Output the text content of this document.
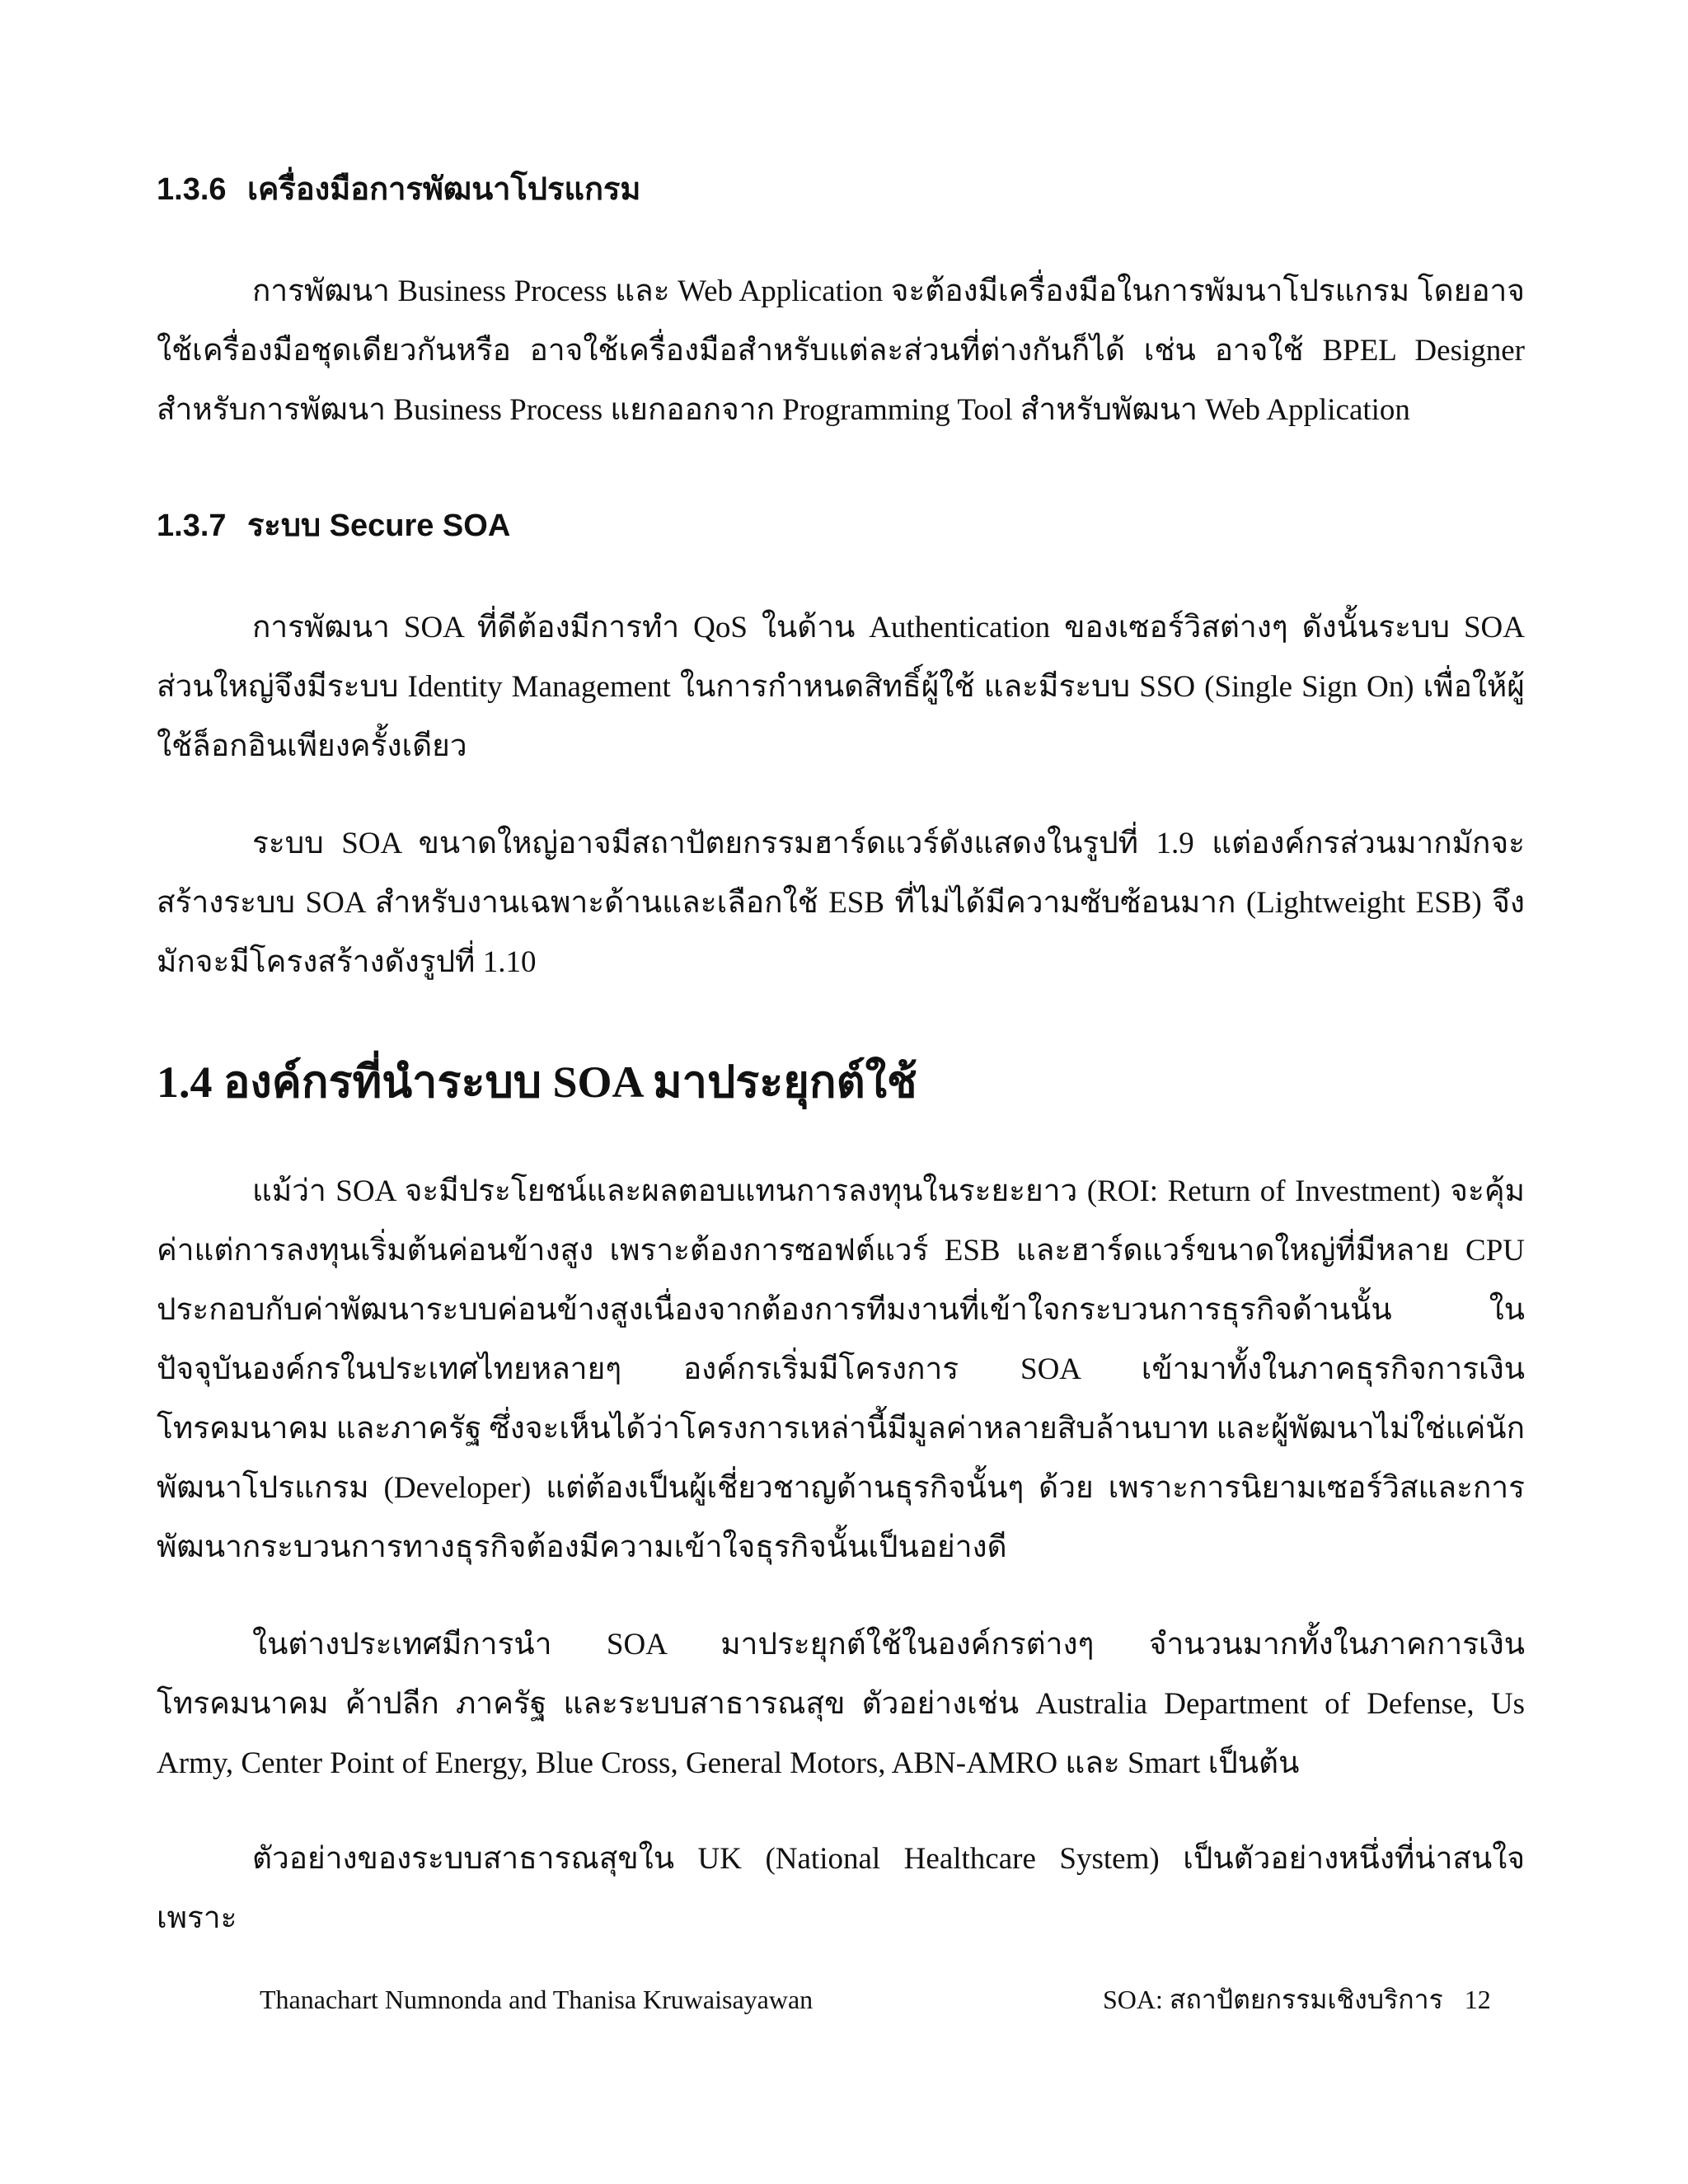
1.3.6 เครื่องมือการพัฒนาโปรแกรม

การพัฒนา Business Process และ Web Application จะต้องมีเครื่องมือในการพัมนาโปรแกรม โดยอาจใช้เครื่องมือชุดเดียวกันหรือ อาจใช้เครื่องมือสำหรับแต่ละส่วนที่ต่างกันก็ได้ เช่น อาจใช้ BPEL Designer สำหรับการพัฒนา Business Process แยกออกจาก Programming Tool สำหรับพัฒนา Web Application

1.3.7 ระบบ Secure SOA

การพัฒนา SOA ที่ดีต้องมีการทำ QoS ในด้าน Authentication ของเซอร์วิสต่างๆ ดังนั้นระบบ SOA ส่วนใหญ่จึงมีระบบ Identity Management ในการกำหนดสิทธิ์ผู้ใช้ และมีระบบ SSO (Single Sign On) เพื่อให้ผู้ใช้ล็อกอินเพียงครั้งเดียว

ระบบ SOA ขนาดใหญ่อาจมีสถาปัตยกรรมฮาร์ดแวร์ดังแสดงในรูปที่ 1.9 แต่องค์กรส่วนมากมักจะสร้างระบบ SOA สำหรับงานเฉพาะด้านและเลือกใช้ ESB ที่ไม่ได้มีความซับซ้อนมาก (Lightweight ESB) จึงมักจะมีโครงสร้างดังรูปที่ 1.10

1.4 องค์กรที่นำระบบ SOA มาประยุกต์ใช้

แม้ว่า SOA จะมีประโยชน์และผลตอบแทนการลงทุนในระยะยาว (ROI: Return of Investment) จะคุ้มค่าแต่การลงทุนเริ่มต้นค่อนข้างสูง เพราะต้องการซอฟต์แวร์ ESB และฮาร์ดแวร์ขนาดใหญ่ที่มีหลาย CPU ประกอบกับค่าพัฒนาระบบค่อนข้างสูงเนื่องจากต้องการทีมงานที่เข้าใจกระบวนการธุรกิจด้านนั้น ในปัจจุบันองค์กรในประเทศไทยหลายๆ องค์กรเริ่มมีโครงการ SOA เข้ามาทั้งในภาคธุรกิจการเงิน โทรคมนาคม และภาครัฐ ซึ่งจะเห็นได้ว่าโครงการเหล่านี้มีมูลค่าหลายสิบล้านบาท และผู้พัฒนาไม่ใช่แค่นักพัฒนาโปรแกรม (Developer) แต่ต้องเป็นผู้เชี่ยวชาญด้านธุรกิจนั้นๆ ด้วย เพราะการนิยามเซอร์วิสและการพัฒนากระบวนการทางธุรกิจต้องมีความเข้าใจธุรกิจนั้นเป็นอย่างดี

ในต่างประเทศมีการนำ SOA มาประยุกต์ใช้ในองค์กรต่างๆ จำนวนมากทั้งในภาคการเงิน โทรคมนาคม ค้าปลีก ภาครัฐ และระบบสาธารณสุข ตัวอย่างเช่น Australia Department of Defense, Us Army, Center Point of Energy, Blue Cross, General Motors, ABN-AMRO และ Smart เป็นต้น

ตัวอย่างของระบบสาธารณสุขใน UK (National Healthcare System) เป็นตัวอย่างหนึ่งที่น่าสนใจ เพราะ

Thanachart Numnonda and Thanisa Kruwaisayawan	SOA: สถาปัตยกรรมเชิงบริการ 12
